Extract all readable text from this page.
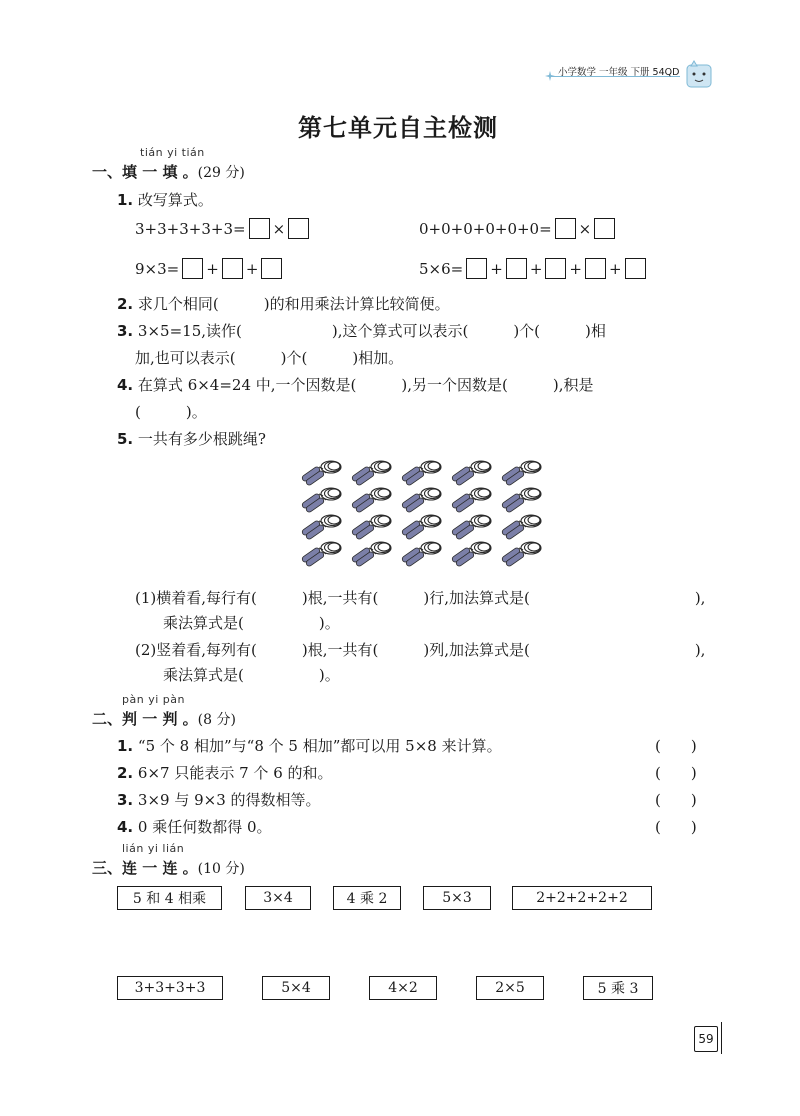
小学数学 一年级 下册 54QD
第七单元自主检测
tián yi tián
一、填 一 填 。(29 分)
1. 改写算式。
3+3+3+3+3= ×	0+0+0+0+0+0= ×
9×3= + +	5×6= + + + +
2. 求几个相同(　　　)的和用乘法计算比较简便。
3. 3×5=15,读作(　　　　　　),这个算式可以表示(　　　)个(　　　)相
加,也可以表示(　　　)个(　　　)相加。
4. 在算式 6×4=24 中,一个因数是(　　　),另一个因数是(　　　),积是
(　　　)。
5. 一共有多少根跳绳?
(1)横着看,每行有(　　　)根,一共有(　　　)行,加法算式是(　　　　　　　　　　　),
乘法算式是(　　　　　)。
(2)竖着看,每列有(　　　)根,一共有(　　　)列,加法算式是(　　　　　　　　　　　),
乘法算式是(　　　　　)。
pàn yi pàn
二、判 一 判 。(8 分)
1. “5 个 8 相加”与“8 个 5 相加”都可以用 5×8 来计算。	(　　)
2. 6×7 只能表示 7 个 6 的和。	(　　)
3. 3×9 与 9×3 的得数相等。	(　　)
4. 0 乘任何数都得 0。	(　　)
lián yi lián
三、连 一 连 。(10 分)
5 和 4 相乘	3×4	4 乘 2	5×3	2+2+2+2+2
3+3+3+3	5×4	4×2	2×5	5 乘 3
59
